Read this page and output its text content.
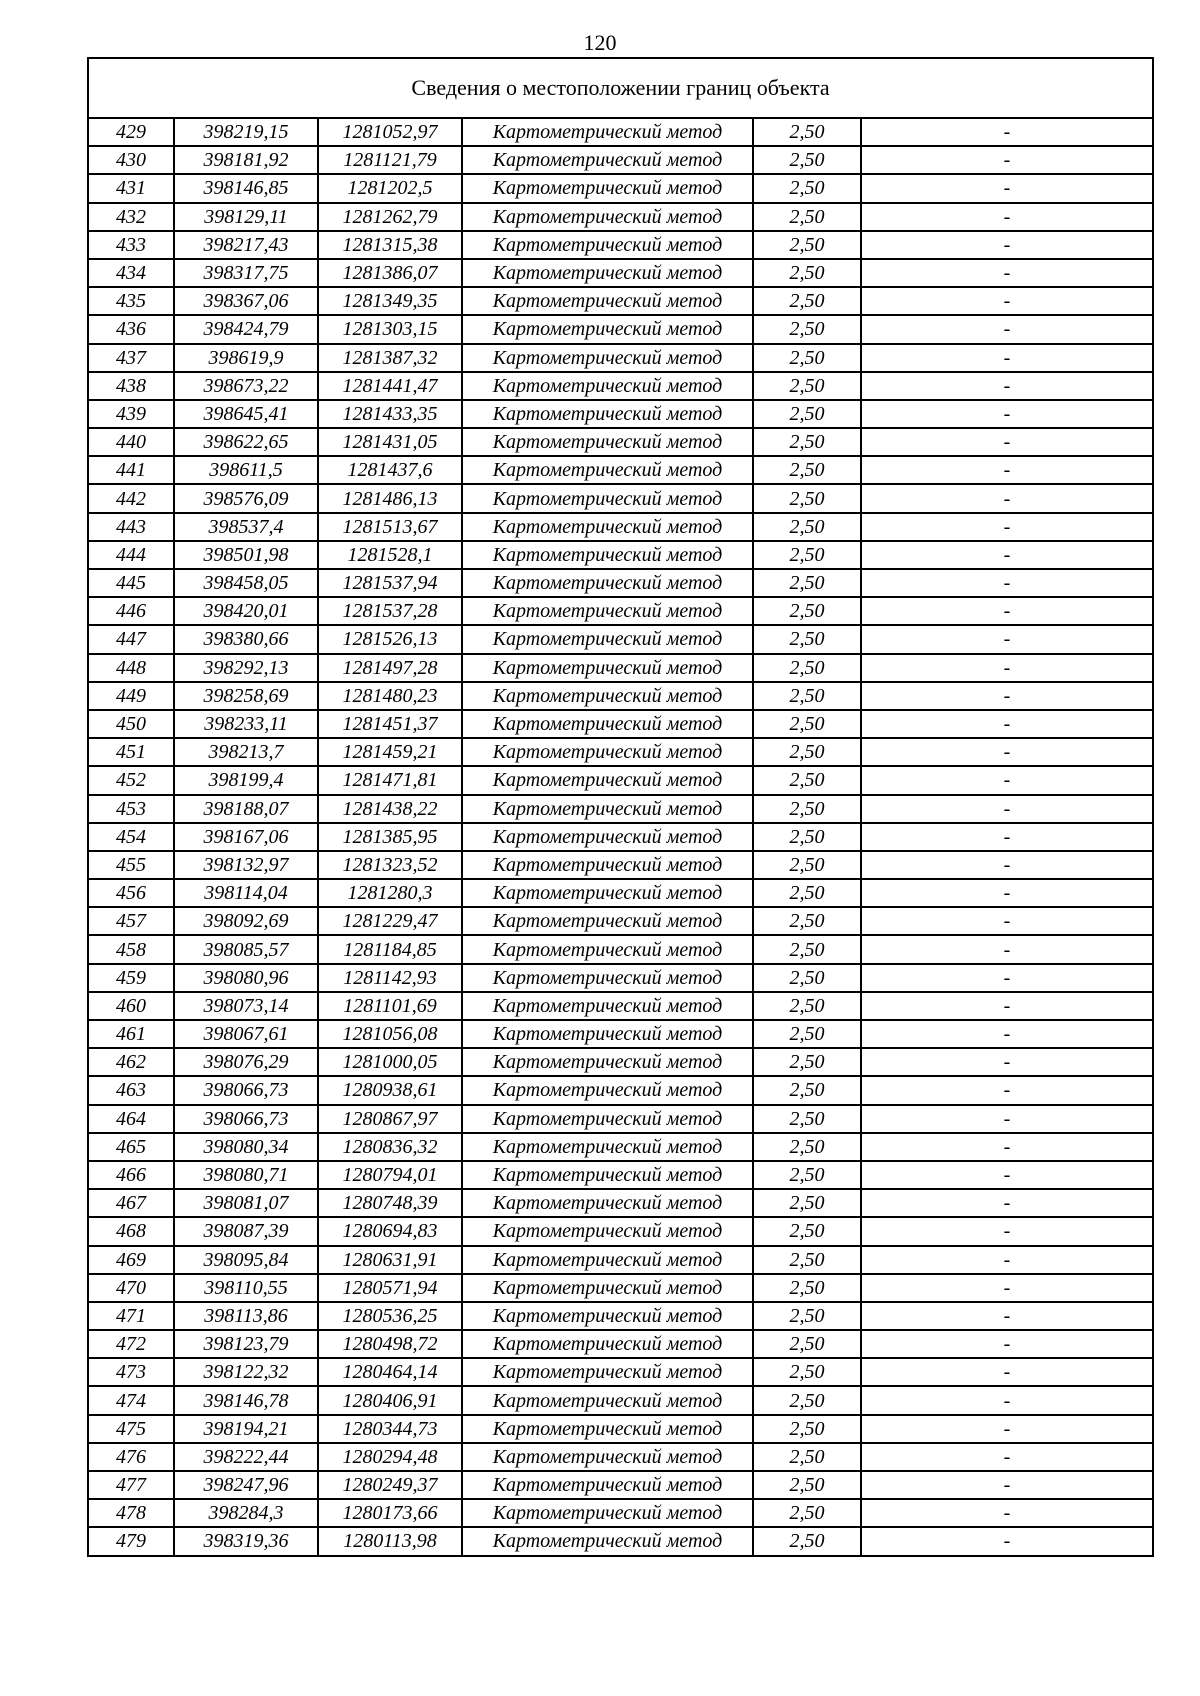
120
Сведения о местоположении границ объекта					
429	398219,15	1281052,97	Картометрический метод	2,50	-
430	398181,92	1281121,79	Картометрический метод	2,50	-
431	398146,85	1281202,5	Картометрический метод	2,50	-
432	398129,11	1281262,79	Картометрический метод	2,50	-
433	398217,43	1281315,38	Картометрический метод	2,50	-
434	398317,75	1281386,07	Картометрический метод	2,50	-
435	398367,06	1281349,35	Картометрический метод	2,50	-
436	398424,79	1281303,15	Картометрический метод	2,50	-
437	398619,9	1281387,32	Картометрический метод	2,50	-
438	398673,22	1281441,47	Картометрический метод	2,50	-
439	398645,41	1281433,35	Картометрический метод	2,50	-
440	398622,65	1281431,05	Картометрический метод	2,50	-
441	398611,5	1281437,6	Картометрический метод	2,50	-
442	398576,09	1281486,13	Картометрический метод	2,50	-
443	398537,4	1281513,67	Картометрический метод	2,50	-
444	398501,98	1281528,1	Картометрический метод	2,50	-
445	398458,05	1281537,94	Картометрический метод	2,50	-
446	398420,01	1281537,28	Картометрический метод	2,50	-
447	398380,66	1281526,13	Картометрический метод	2,50	-
448	398292,13	1281497,28	Картометрический метод	2,50	-
449	398258,69	1281480,23	Картометрический метод	2,50	-
450	398233,11	1281451,37	Картометрический метод	2,50	-
451	398213,7	1281459,21	Картометрический метод	2,50	-
452	398199,4	1281471,81	Картометрический метод	2,50	-
453	398188,07	1281438,22	Картометрический метод	2,50	-
454	398167,06	1281385,95	Картометрический метод	2,50	-
455	398132,97	1281323,52	Картометрический метод	2,50	-
456	398114,04	1281280,3	Картометрический метод	2,50	-
457	398092,69	1281229,47	Картометрический метод	2,50	-
458	398085,57	1281184,85	Картометрический метод	2,50	-
459	398080,96	1281142,93	Картометрический метод	2,50	-
460	398073,14	1281101,69	Картометрический метод	2,50	-
461	398067,61	1281056,08	Картометрический метод	2,50	-
462	398076,29	1281000,05	Картометрический метод	2,50	-
463	398066,73	1280938,61	Картометрический метод	2,50	-
464	398066,73	1280867,97	Картометрический метод	2,50	-
465	398080,34	1280836,32	Картометрический метод	2,50	-
466	398080,71	1280794,01	Картометрический метод	2,50	-
467	398081,07	1280748,39	Картометрический метод	2,50	-
468	398087,39	1280694,83	Картометрический метод	2,50	-
469	398095,84	1280631,91	Картометрический метод	2,50	-
470	398110,55	1280571,94	Картометрический метод	2,50	-
471	398113,86	1280536,25	Картометрический метод	2,50	-
472	398123,79	1280498,72	Картометрический метод	2,50	-
473	398122,32	1280464,14	Картометрический метод	2,50	-
474	398146,78	1280406,91	Картометрический метод	2,50	-
475	398194,21	1280344,73	Картометрический метод	2,50	-
476	398222,44	1280294,48	Картометрический метод	2,50	-
477	398247,96	1280249,37	Картометрический метод	2,50	-
478	398284,3	1280173,66	Картометрический метод	2,50	-
479	398319,36	1280113,98	Картометрический метод	2,50	-
